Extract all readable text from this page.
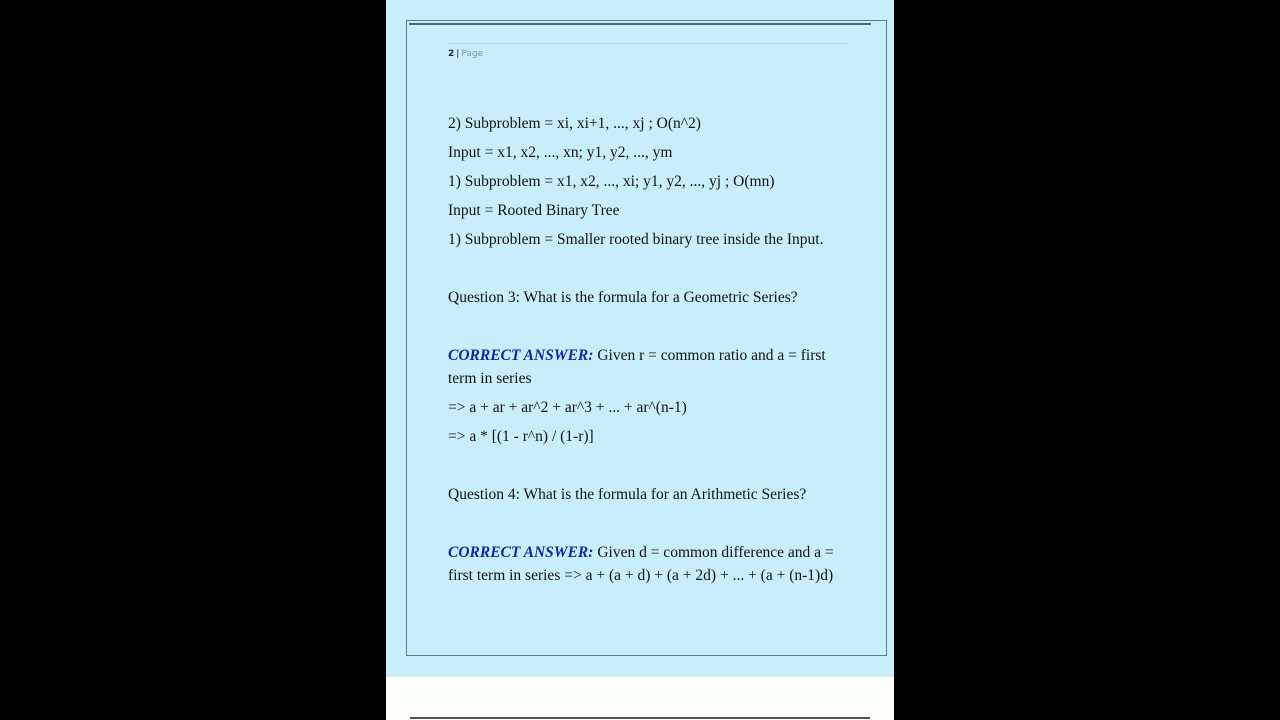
2 | Page

2) Subproblem = xi, xi+1, ..., xj ; O(n^2)

Input = x1, x2, ..., xn; y1, y2, ..., ym

1) Subproblem = x1, x2, ..., xi; y1, y2, ..., yj ; O(mn)

Input = Rooted Binary Tree

1) Subproblem = Smaller rooted binary tree inside the Input.

Question 3: What is the formula for a Geometric Series?

CORRECT ANSWER: Given r = common ratio and a = first term in series

=> a + ar + ar^2 + ar^3 + ... + ar^(n-1)

=> a * [(1 - r^n) / (1-r)]

Question 4: What is the formula for an Arithmetic Series?

CORRECT ANSWER: Given d = common difference and a = first term in series => a + (a + d) + (a + 2d) + ... + (a + (n-1)d)
